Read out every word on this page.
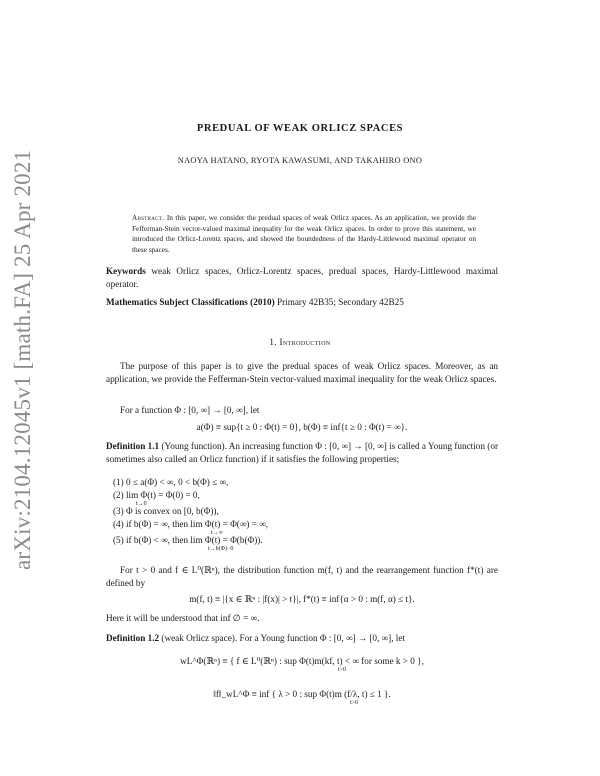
arXiv:2104.12045v1 [math.FA] 25 Apr 2021
PREDUAL OF WEAK ORLICZ SPACES
NAOYA HATANO, RYOTA KAWASUMI, AND TAKAHIRO ONO
Abstract. In this paper, we consider the predual spaces of weak Orlicz spaces. As an application, we provide the Fefferman-Stein vector-valued maximal inequality for the weak Orlicz spaces. In order to prove this statement, we introduced the Orlicz-Lorentz spaces, and showed the boundedness of the Hardy-Littlewood maximal operator on these spaces.
Keywords weak Orlicz spaces, Orlicz-Lorentz spaces, predual spaces, Hardy-Littlewood maximal operator.
Mathematics Subject Classifications (2010) Primary 42B35; Secondary 42B25
1. Introduction
The purpose of this paper is to give the predual spaces of weak Orlicz spaces. Moreover, as an application, we provide the Fefferman-Stein vector-valued maximal inequality for the weak Orlicz spaces.
For a function Φ : [0, ∞] → [0, ∞], let
a(Φ) ≡ sup{t ≥ 0 : Φ(t) = 0}, b(Φ) ≡ inf{t ≥ 0 : Φ(t) = ∞}.
Definition 1.1 (Young function). An increasing function Φ : [0, ∞] → [0, ∞] is called a Young function (or sometimes also called an Orlicz function) if it satisfies the following properties;
(1) 0 ≤ a(Φ) < ∞, 0 < b(Φ) ≤ ∞,
(2) lim Φ(t) = Φ(0) = 0,
t→0
(3) Φ is convex on [0, b(Φ)),
(4) if b(Φ) = ∞, then lim Φ(t) = Φ(∞) = ∞,
t→∞
(5) if b(Φ) < ∞, then lim Φ(t) = Φ(b(Φ)).
t→b(Φ)−0
For t > 0 and f ∈ L⁰(ℝⁿ), the distribution function m(f, t) and the rearrangement function f*(t) are defined by
m(f, t) ≡ |{x ∈ ℝⁿ : |f(x)| > t}|, f*(t) ≡ inf{α > 0 : m(f, α) ≤ t}.
Here it will be understood that inf ∅ = ∞.
Definition 1.2 (weak Orlicz space). For a Young function Φ : [0, ∞] → [0, ∞], let
wL^Φ(ℝⁿ) ≡ { f ∈ L⁰(ℝⁿ) : sup Φ(t)m(kf, t) < ∞ for some k > 0 },
t>0
‖f‖_wL^Φ ≡ inf { λ > 0 : sup Φ(t)m (f/λ, t) ≤ 1 }.
t>0
